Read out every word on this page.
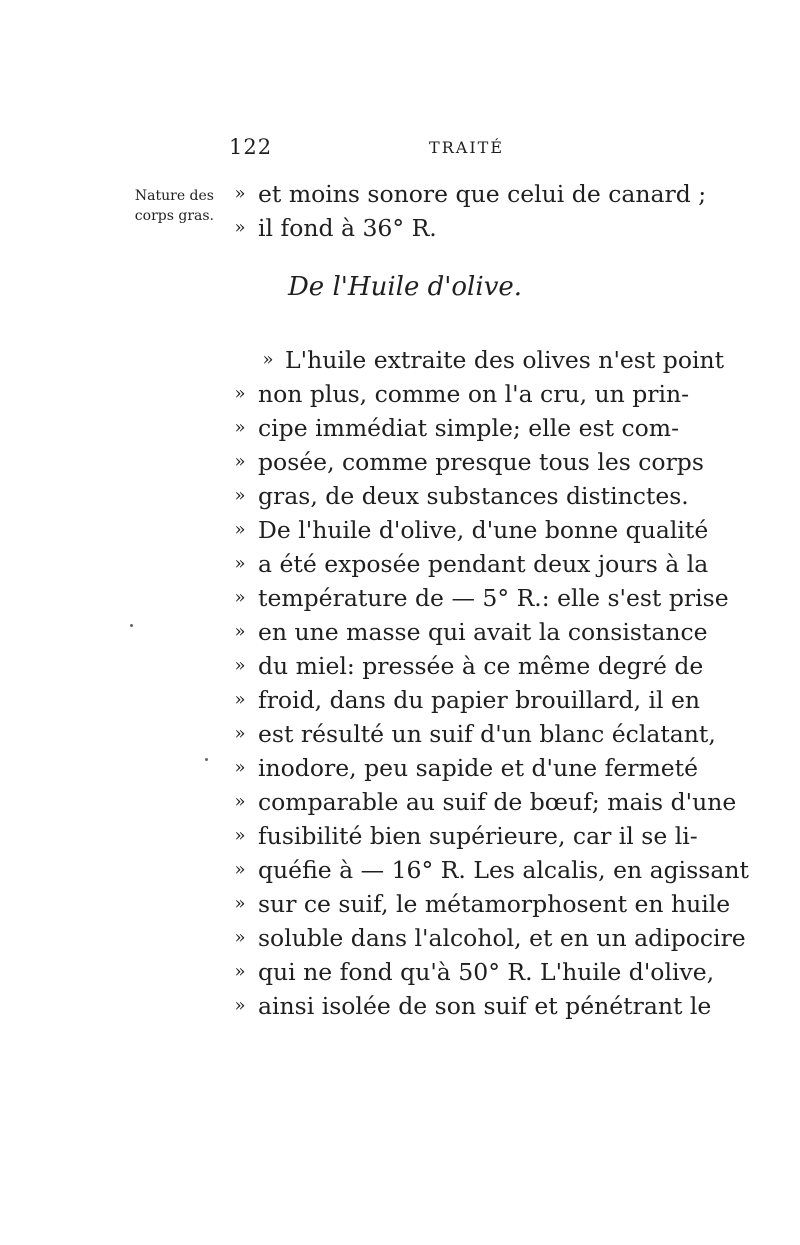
122	TRAITÉ
Nature des
corps gras.
De l'Huile d'olive.
» et moins sonore que celui de canard ;
» il fond à 36° R.
» L'huile extraite des olives n'est point
» non plus, comme on l'a cru, un prin-
» cipe immédiat simple; elle est com-
» posée, comme presque tous les corps
» gras, de deux substances distinctes.
» De l'huile d'olive, d'une bonne qualité
» a été exposée pendant deux jours à la
» température de — 5° R.: elle s'est prise
» en une masse qui avait la consistance
» du miel: pressée à ce même degré de
» froid, dans du papier brouillard, il en
» est résulté un suif d'un blanc éclatant,
» inodore, peu sapide et d'une fermeté
» comparable au suif de bœuf; mais d'une
» fusibilité bien supérieure, car il se li-
» quéfie à — 16° R. Les alcalis, en agissant
» sur ce suif, le métamorphosent en huile
» soluble dans l'alcohol, et en un adipocire
» qui ne fond qu'à 50° R. L'huile d'olive,
» ainsi isolée de son suif et pénétrant le
